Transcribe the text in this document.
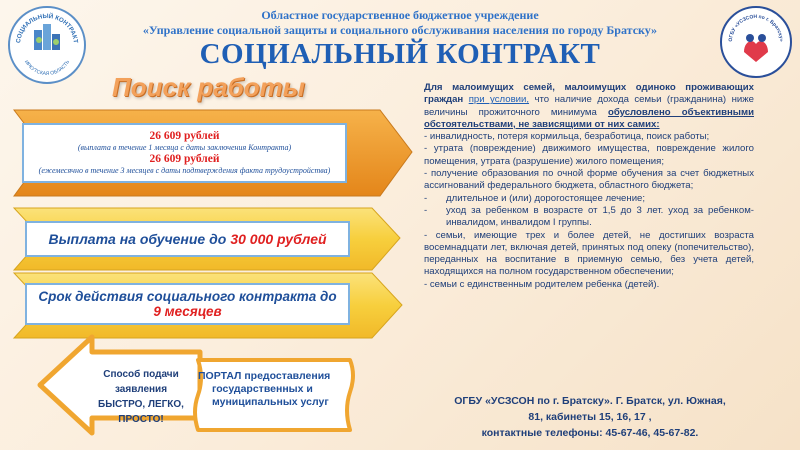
СОЦИАЛЬНЫЙ КОНТРАКТ
ИРКУТСКАЯ ОБЛАСТЬ
ОГБУ «УСЗСОН по г. Братску»
Областное государственное бюджетное учреждение
«Управление социальной защиты и социального обслуживания населения по городу Братску»
СОЦИАЛЬНЫЙ КОНТРАКТ
Поиск работы
26 609 рублей
(выплата в течение 1 месяца с даты заключения Контракта)
26 609 рублей
(ежемесячно в течение 3 месяцев с даты подтверждения факта трудоустройства)
Выплата на обучение до 30 000 рублей
Срок действия социального контракта до
9 месяцев
Способ подачи заявления
БЫСТРО, ЛЕГКО, ПРОСТО!
ПОРТАЛ предоставления
государственных и
муниципальных услуг

Для малоимущих семей, малоимущих одиноко проживающих граждан при условии, что наличие дохода семьи (гражданина) ниже величины прожиточного минимума обусловлено объективными обстоятельствами, не зависящими от них самих:

- инвалидность, потеря кормильца, безработица, поиск работы;

- утрата (повреждение) движимого имущества, повреждение жилого помещения, утрата (разрушение) жилого помещения;

- получение образования по очной форме обучения за счет бюджетных ассигнований федерального бюджета, областного бюджета;

- длительное и (или) дорогостоящее лечение;

- уход за ребенком в возрасте от 1,5 до 3 лет. уход за ребенком-инвалидом, инвалидом I группы.

- семьи, имеющие трех и более детей, не достигших возраста восемнадцати лет, включая детей, принятых под опеку (попечительство), переданных на воспитание в приемную семью, без учета детей, находящихся на полном государственном обеспечении;

- семьи с единственным родителем ребенка (детей).

ОГБУ «УСЗСОН по г. Братску». Г. Братск, ул. Южная,
81, кабинеты 15, 16, 17 ,
контактные телефоны: 45-67-46, 45-67-82.
